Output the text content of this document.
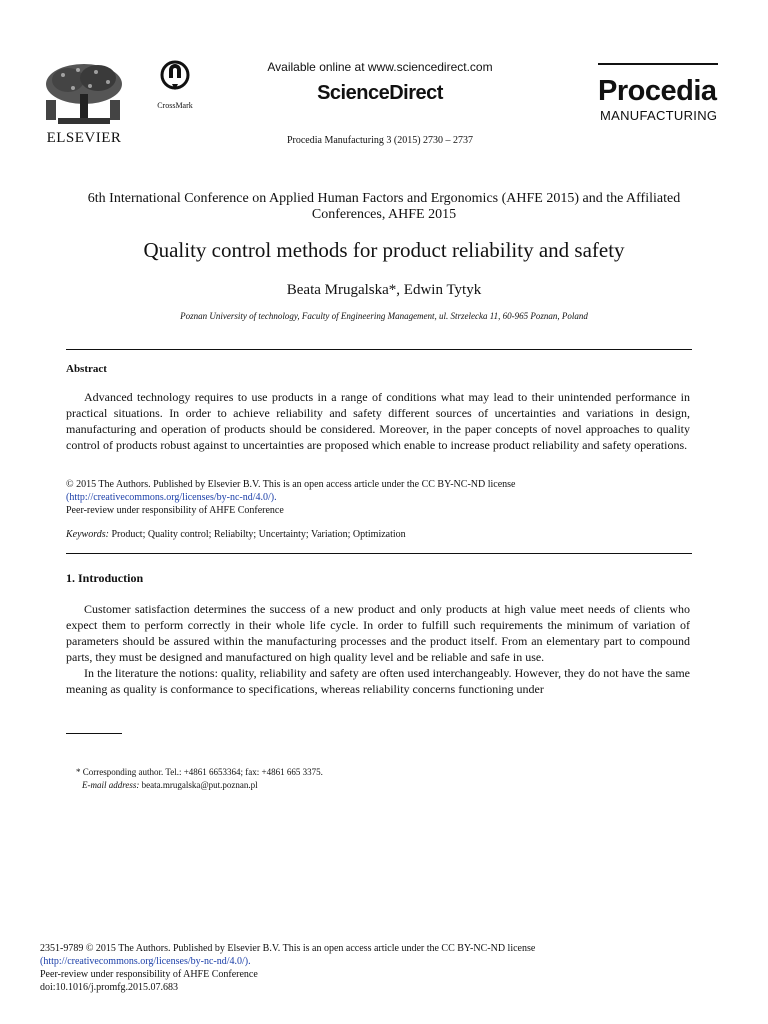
ELSEVIER
CrossMark
Available online at www.sciencedirect.com
ScienceDirect
Procedia Manufacturing 3 (2015) 2730 – 2737
Procedia
MANUFACTURING
6th International Conference on Applied Human Factors and Ergonomics (AHFE 2015) and the Affiliated Conferences, AHFE 2015
Quality control methods for product reliability and safety
Beata Mrugalska*, Edwin Tytyk
Poznan University of technology, Faculty of Engineering Management, ul. Strzelecka 11, 60-965 Poznan, Poland
Abstract

Advanced technology requires to use products in a range of conditions what may lead to their unintended performance in practical situations. In order to achieve reliability and safety different sources of uncertainties and variations in design, manufacturing and operation of products should be considered. Moreover, in the paper concepts of novel approaches to quality control of products robust against to uncertainties are proposed which enable to increase product reliability and safety operations.

© 2015 The Authors. Published by Elsevier B.V. This is an open access article under the CC BY-NC-ND license
(http://creativecommons.org/licenses/by-nc-nd/4.0/).
Peer-review under responsibility of AHFE Conference
Keywords: Product; Quality control; Reliabilty; Uncertainty; Variation; Optimization
1. Introduction

Customer satisfaction determines the success of a new product and only products at high value meet needs of clients who expect them to perform correctly in their whole life cycle. In order to fulfill such requirements the minimum of variation of parameters should be assured within the manufacturing processes and the product itself. From an elementary part to compound parts, they must be designed and manufactured on high quality level and be reliable and safe in use.

In the literature the notions: quality, reliability and safety are often used interchangeably. However, they do not have the same meaning as quality is conformance to specifications, whereas reliability concerns functioning under

* Corresponding author. Tel.: +4861 6653364; fax: +4861 665 3375.
E-mail address: beata.mrugalska@put.poznan.pl
2351-9789 © 2015 The Authors. Published by Elsevier B.V. This is an open access article under the CC BY-NC-ND license
(http://creativecommons.org/licenses/by-nc-nd/4.0/).
Peer-review under responsibility of AHFE Conference
doi:10.1016/j.promfg.2015.07.683
